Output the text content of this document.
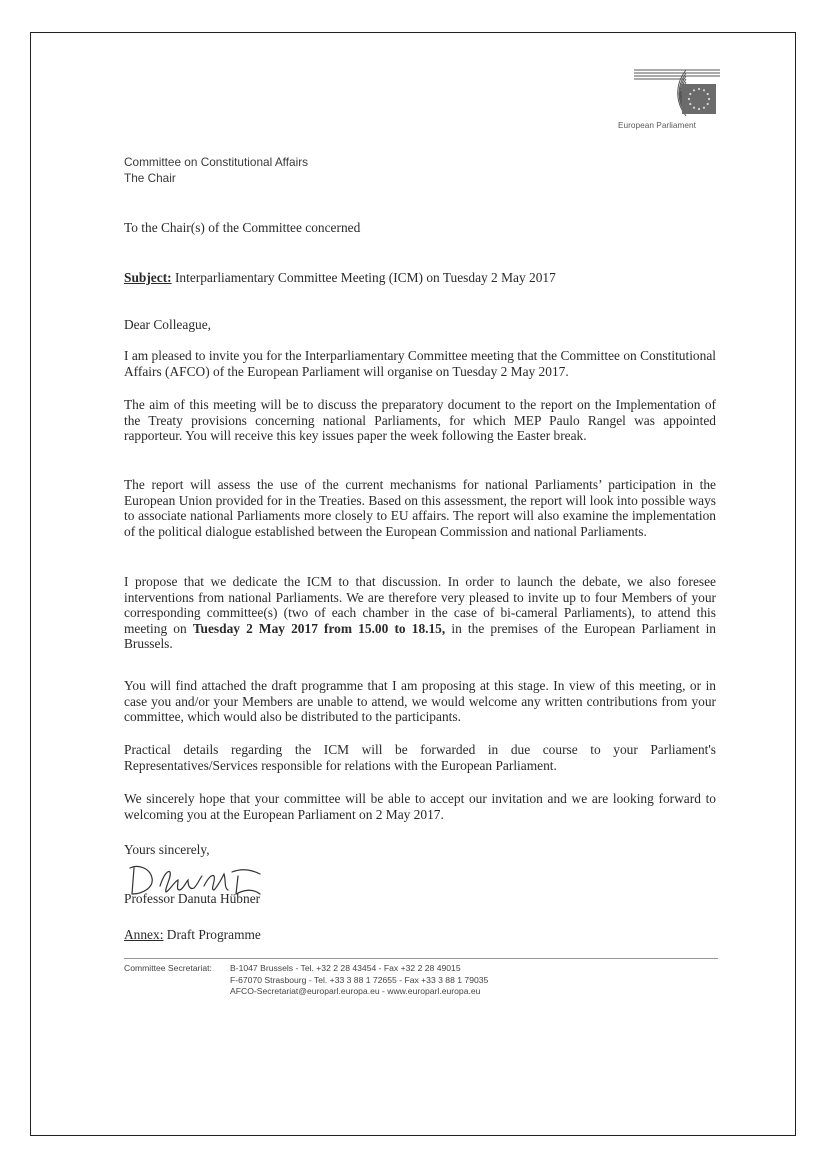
European Parliament
Committee on Constitutional Affairs
The Chair
To the Chair(s) of the Committee concerned
Subject: Interparliamentary Committee Meeting (ICM) on Tuesday 2 May 2017
Dear Colleague,
I am pleased to invite you for the Interparliamentary Committee meeting that the Committee on Constitutional Affairs (AFCO) of the European Parliament will organise on Tuesday 2 May 2017.
The aim of this meeting will be to discuss the preparatory document to the report on the Implementation of the Treaty provisions concerning national Parliaments, for which MEP Paulo Rangel was appointed rapporteur. You will receive this key issues paper the week following the Easter break.
The report will assess the use of the current mechanisms for national Parliaments’ participation in the European Union provided for in the Treaties. Based on this assessment, the report will look into possible ways to associate national Parliaments more closely to EU affairs. The report will also examine the implementation of the political dialogue established between the European Commission and national Parliaments.
I propose that we dedicate the ICM to that discussion. In order to launch the debate, we also foresee interventions from national Parliaments. We are therefore very pleased to invite up to four Members of your corresponding committee(s) (two of each chamber in the case of bi-cameral Parliaments), to attend this meeting on Tuesday 2 May 2017 from 15.00 to 18.15, in the premises of the European Parliament in Brussels.
You will find attached the draft programme that I am proposing at this stage. In view of this meeting, or in case you and/or your Members are unable to attend, we would welcome any written contributions from your committee, which would also be distributed to the participants.
Practical details regarding the ICM will be forwarded in due course to your Parliament's Representatives/Services responsible for relations with the European Parliament.
We sincerely hope that your committee will be able to accept our invitation and we are looking forward to welcoming you at the European Parliament on 2 May 2017.
Yours sincerely,
Professor Danuta Hübner
Annex: Draft Programme
Committee Secretariat: B-1047 Brussels - Tel. +32 2 28 43454 - Fax +32 2 28 49015
F-67070 Strasbourg - Tel. +33 3 88 1 72655 - Fax +33 3 88 1 79035
AFCO-Secretariat@europarl.europa.eu - www.europarl.europa.eu
